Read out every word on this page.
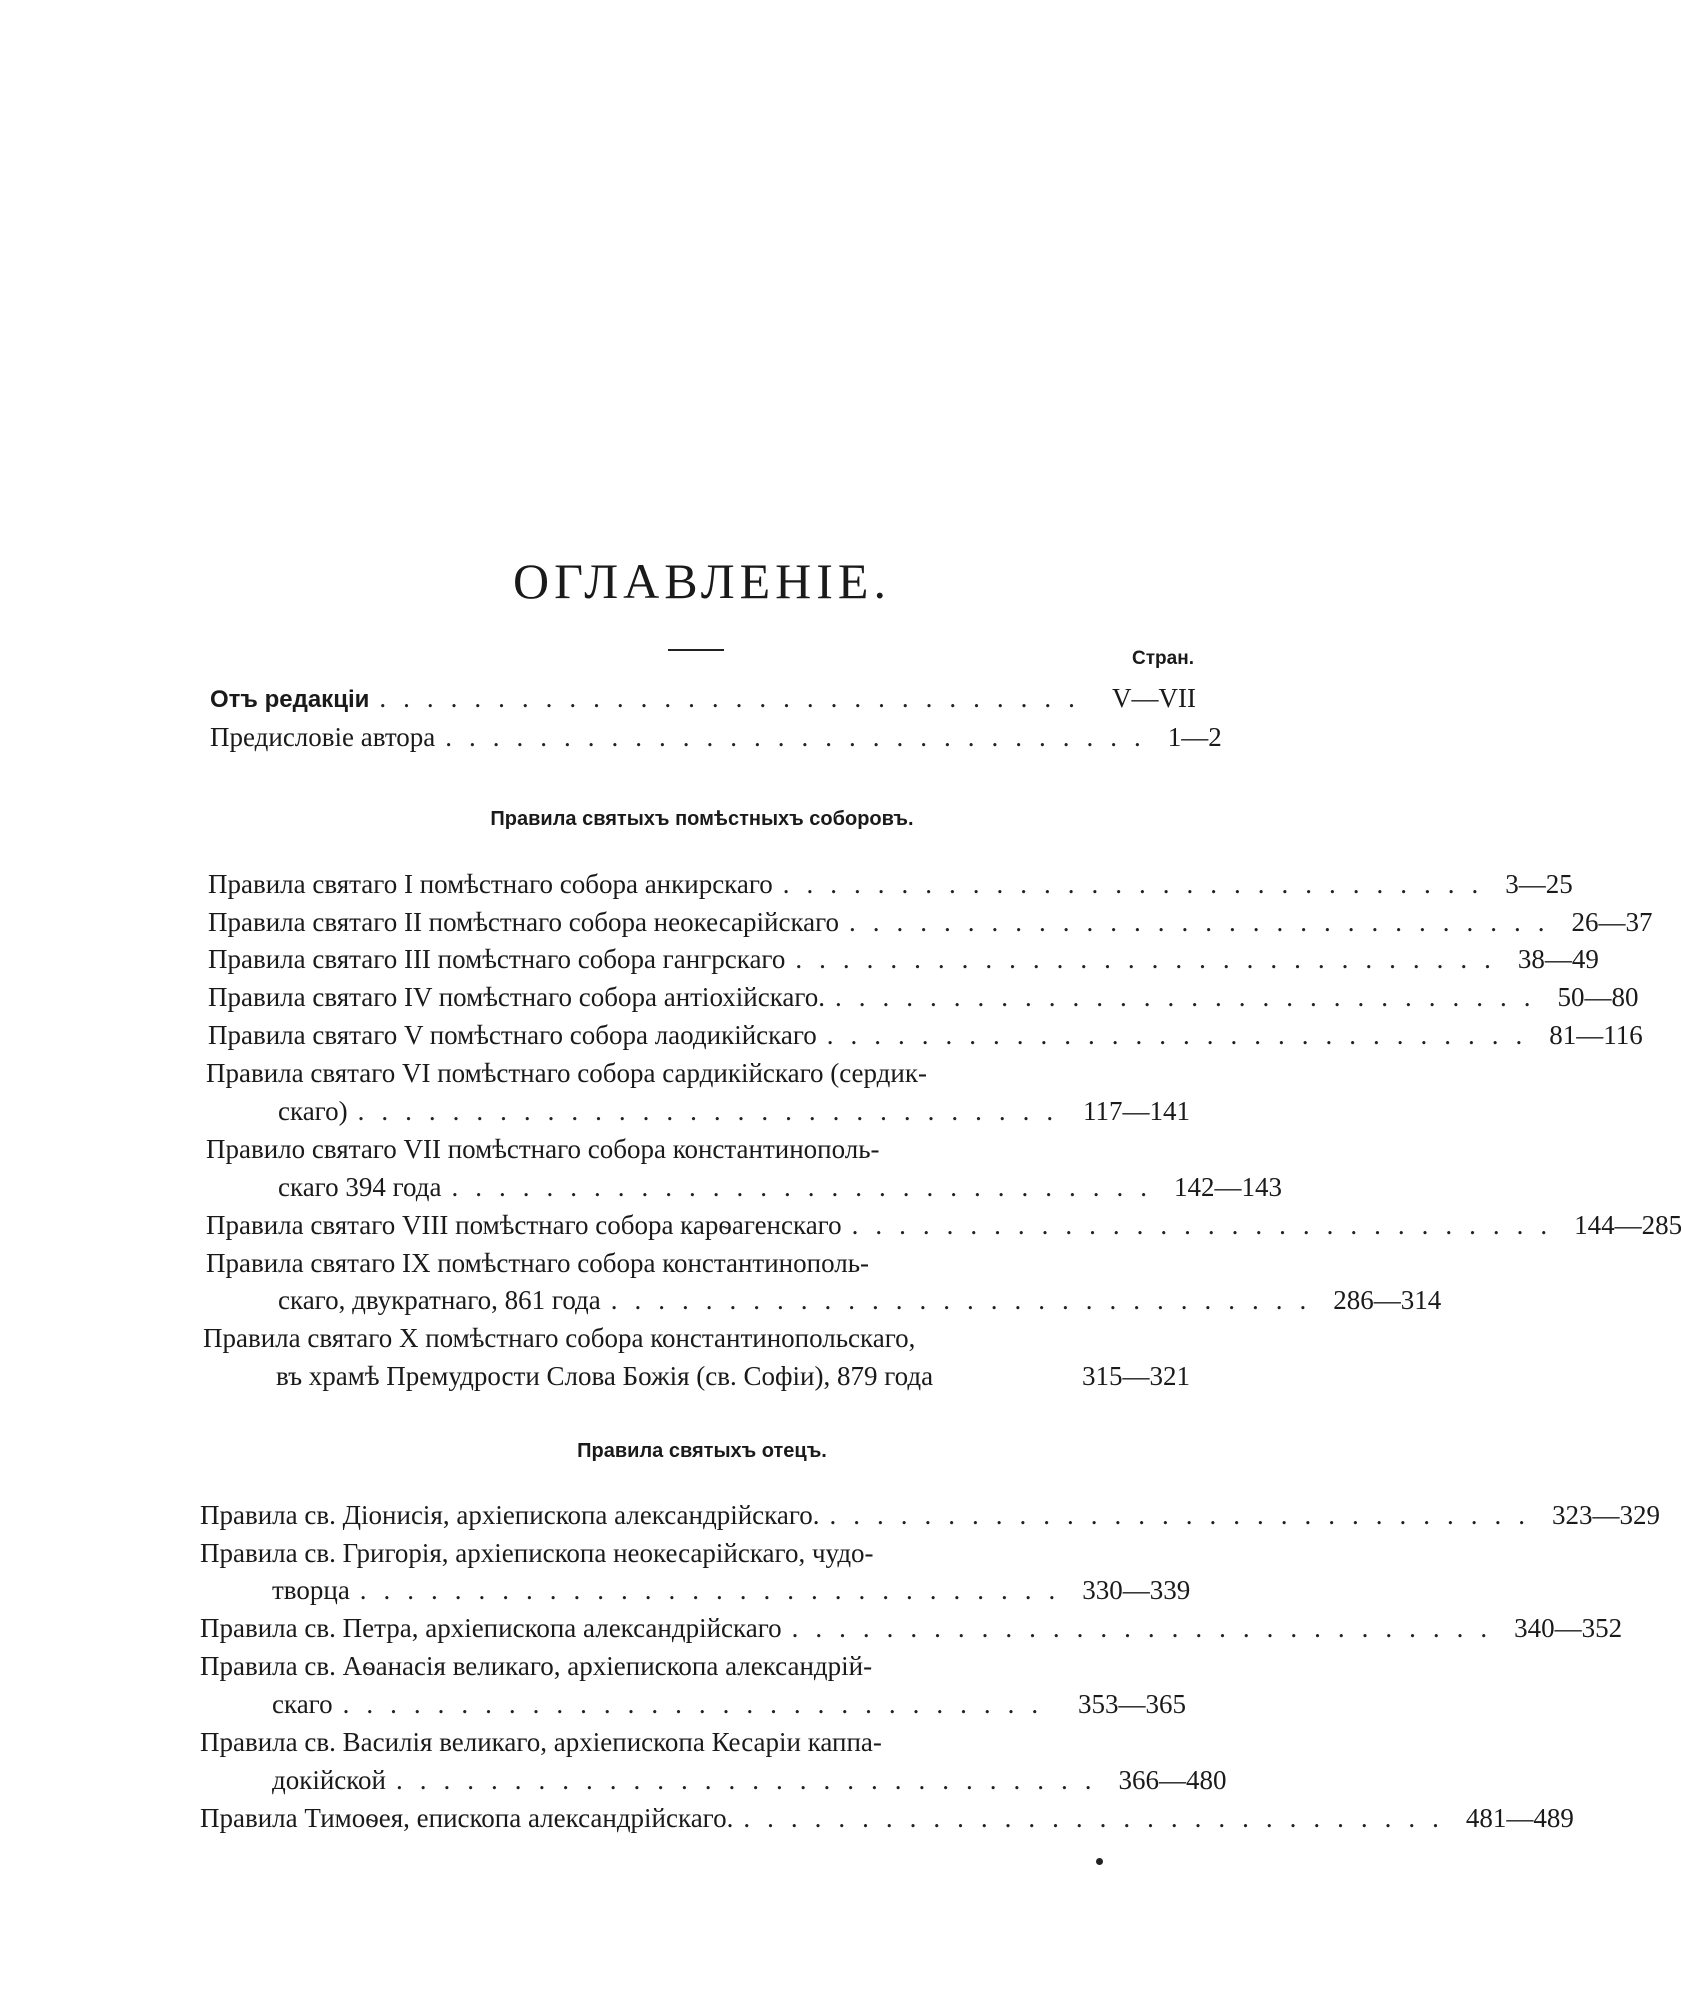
ОГЛАВЛЕНІЕ.
Стран.
Отъ редакціи .............................. V—VII
Предисловіе автора .............................. 1—2
Правила святыхъ помѣстныхъ соборовъ.
Правила святаго I помѣстнаго собора анкирскаго .............................. 3—25
Правила святаго II помѣстнаго собора неокесарійскаго .............................. 26—37
Правила святаго III помѣстнаго собора гангрскаго .............................. 38—49
Правила святаго IV помѣстнаго собора антіохійскаго. .............................. 50—80
Правила святаго V помѣстнаго собора лаодикійскаго .............................. 81—116
Правила святаго VI помѣстнаго собора сардикійскаго (сердик-
скаго) .............................. 117—141
Правило святаго VII помѣстнаго собора константинополь-
скаго 394 года .............................. 142—143
Правила святаго VIII помѣстнаго собора карѳагенскаго .............................. 144—285
Правила святаго IX помѣстнаго собора константинополь-
скаго, двукратнаго, 861 года .............................. 286—314
Правила святаго X помѣстнаго собора константинопольскаго,
въ храмѣ Премудрости Слова Божія (св. Софіи), 879 года	315—321
Правила святыхъ отецъ.
Правила св. Діонисія, архіепископа александрійскаго. .............................. 323—329
Правила св. Григорія, архіепископа неокесарійскаго, чудо-
творца .............................. 330—339
Правила св. Петра, архіепископа александрійскаго .............................. 340—352
Правила св. Аѳанасія великаго, архіепископа александрій-
скаго .............................. 353—365
Правила св. Василія великаго, архіепископа Кесаріи каппа-
докійской .............................. 366—480
Правила Тимоѳея, епископа александрійскаго. .............................. 481—489
